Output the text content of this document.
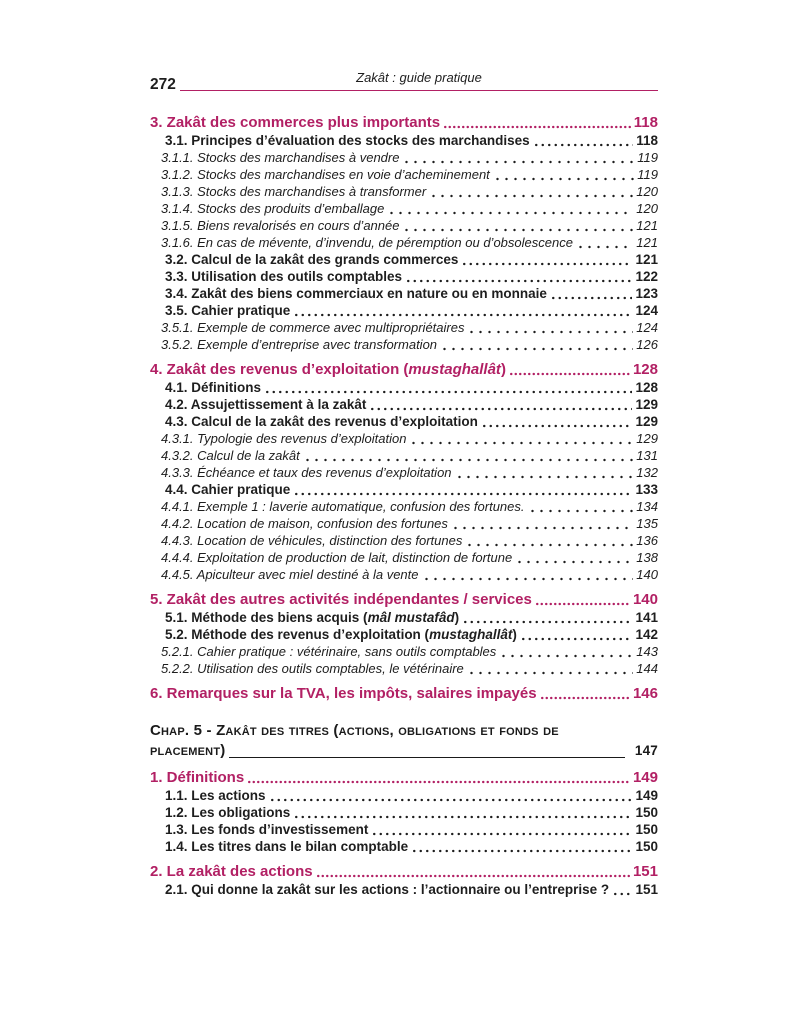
272	Zakât : guide pratique
3. Zakât des commerces plus importants	118
3.1. Principes d’évaluation des stocks des marchandises	118
3.1.1. Stocks des marchandises à vendre	119
3.1.2. Stocks des marchandises en voie d’acheminement	119
3.1.3. Stocks des marchandises à transformer	120
3.1.4. Stocks des produits d’emballage	120
3.1.5. Biens revalorisés en cours d’année	121
3.1.6. En cas de mévente, d’invendu, de péremption ou d’obsolescence	121
3.2. Calcul de la zakât des grands commerces	121
3.3. Utilisation des outils comptables	122
3.4. Zakât des biens commerciaux en nature ou en monnaie	123
3.5. Cahier pratique	124
3.5.1. Exemple de commerce avec multipropriétaires	124
3.5.2. Exemple d’entreprise avec transformation	126
4. Zakât des revenus d’exploitation (mustaghallât)	128
4.1. Définitions	128
4.2. Assujettissement à la zakât	129
4.3. Calcul de la zakât des revenus d’exploitation	129
4.3.1. Typologie des revenus d’exploitation	129
4.3.2. Calcul de la zakât	131
4.3.3. Échéance et taux des revenus d’exploitation	132
4.4. Cahier pratique	133
4.4.1. Exemple 1 : laverie automatique, confusion des fortunes.	134
4.4.2. Location de maison, confusion des fortunes	135
4.4.3. Location de véhicules, distinction des fortunes	136
4.4.4. Exploitation de production de lait, distinction de fortune	138
4.4.5. Apiculteur avec miel destiné à la vente	140
5. Zakât des autres activités indépendantes / services	140
5.1. Méthode des biens acquis (mâl mustafâd)	141
5.2. Méthode des revenus d’exploitation (mustaghallât)	142
5.2.1. Cahier pratique : vétérinaire, sans outils comptables	143
5.2.2. Utilisation des outils comptables, le vétérinaire	144
6. Remarques sur la TVA, les impôts, salaires impayés	146
Chap. 5 - Zakât des titres (actions, obligations et fonds de
placement)	147
1. Définitions	149
1.1. Les actions	149
1.2. Les obligations	150
1.3. Les fonds d’investissement	150
1.4. Les titres dans le bilan comptable	150
2. La zakât des actions	151
2.1. Qui donne la zakât sur les actions : l’actionnaire ou l’entreprise ? 151
